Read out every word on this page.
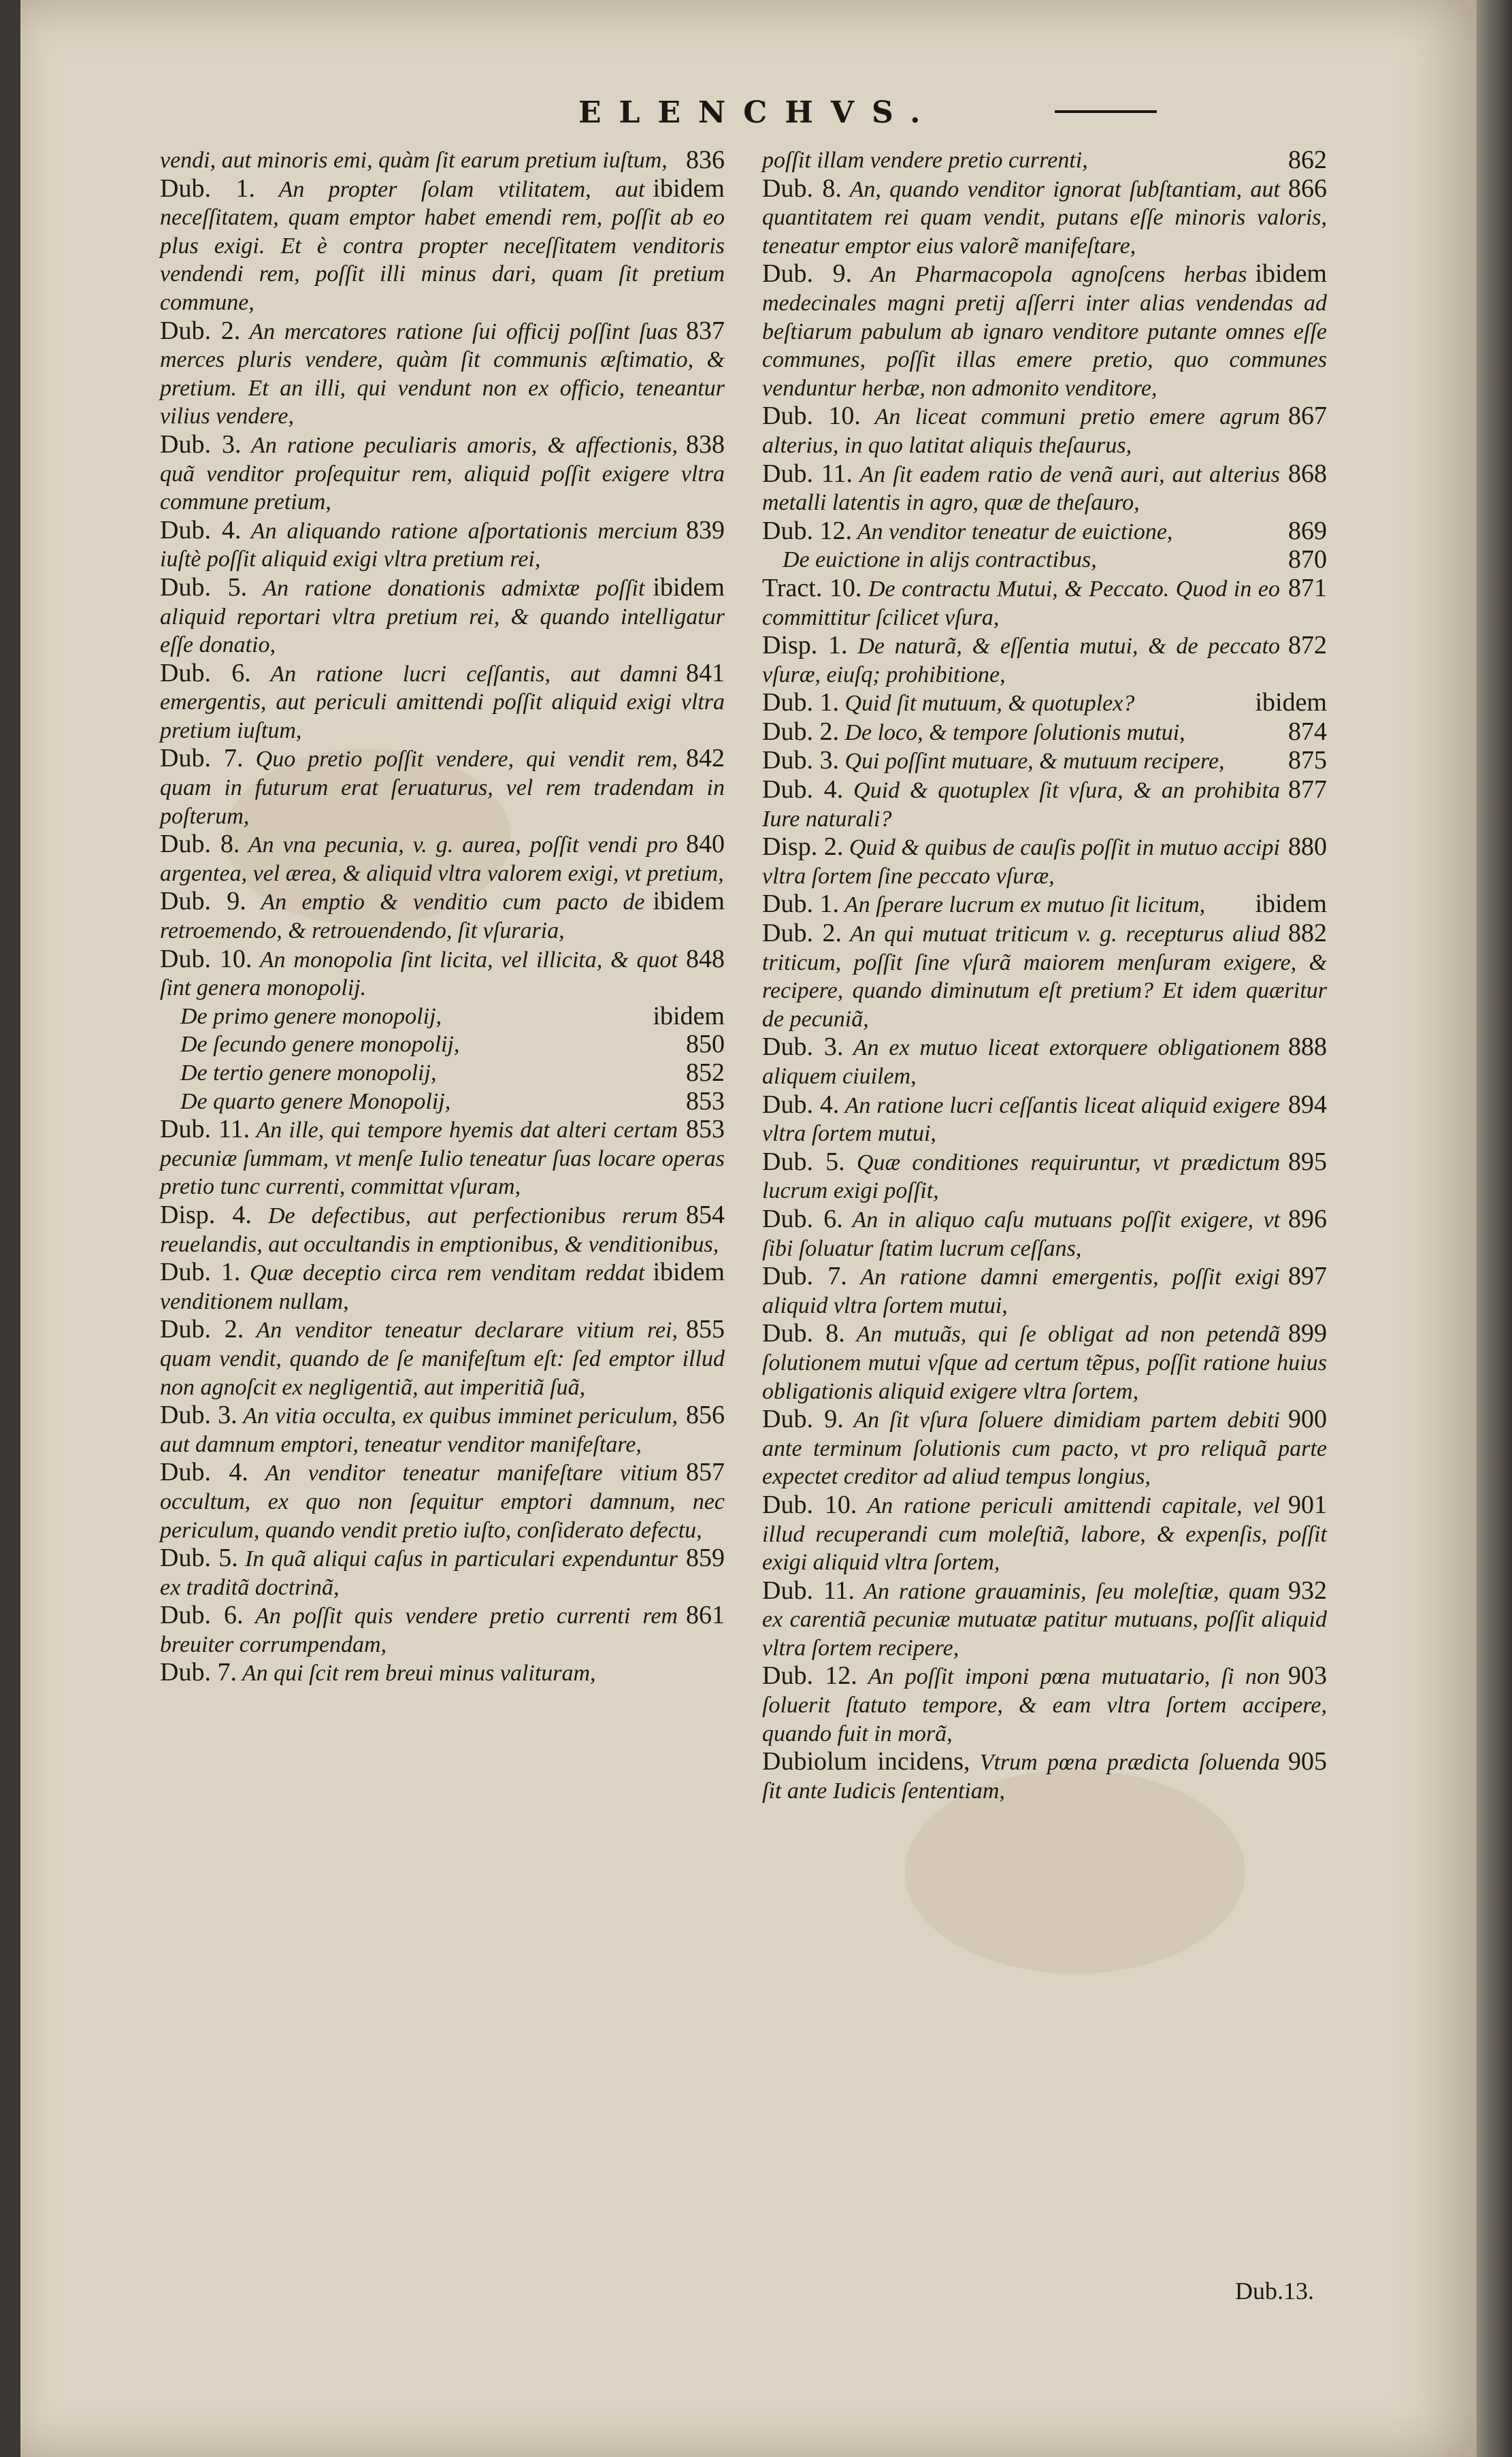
ELENCHVS.

836
vendi, aut minoris emi, quàm ſit earum pretium iuſtum,

ibidem
Dub. 1. An propter ſolam vtilitatem, aut neceſſitatem, quam emptor habet emendi rem, poſſit ab eo plus exigi. Et è contra propter neceſſitatem venditoris vendendi rem, poſſit illi minus dari, quam ſit pretium commune,

837
Dub. 2. An mercatores ratione ſui officij poſſint ſuas merces pluris vendere, quàm ſit communis æſtimatio, & pretium. Et an illi, qui vendunt non ex officio, teneantur vilius vendere,

838
Dub. 3. An ratione peculiaris amoris, & affectionis, quã venditor proſequitur rem, aliquid poſſit exigere vltra commune pretium,

839
Dub. 4. An aliquando ratione aſportationis mercium iuſtè poſſit aliquid exigi vltra pretium rei,

ibidem
Dub. 5. An ratione donationis admixtæ poſſit aliquid reportari vltra pretium rei, & quando intelligatur eſſe donatio,

841
Dub. 6. An ratione lucri ceſſantis, aut damni emergentis, aut periculi amittendi poſſit aliquid exigi vltra pretium iuſtum,

842
Dub. 7. Quo pretio poſſit vendere, qui vendit rem, quam in futurum erat ſeruaturus, vel rem tradendam in poſterum,

840
Dub. 8. An vna pecunia, v. g. aurea, poſſit vendi pro argentea, vel ærea, & aliquid vltra valorem exigi, vt pretium,

ibidem
Dub. 9. An emptio & venditio cum pacto de retroemendo, & retrouendendo, ſit vſuraria,

848
Dub. 10. An monopolia ſint licita, vel illicita, & quot ſint genera monopolij.

ibidem
De primo genere monopolij,

850
De ſecundo genere monopolij,

852
De tertio genere monopolij,

853
De quarto genere Monopolij,

853
Dub. 11. An ille, qui tempore hyemis dat alteri certam pecuniæ ſummam, vt menſe Iulio teneatur ſuas locare operas pretio tunc currenti, committat vſuram,

854
Disp. 4. De defectibus, aut perfectionibus rerum reuelandis, aut occultandis in emptionibus, & venditionibus,

ibidem
Dub. 1. Quæ deceptio circa rem venditam reddat venditionem nullam,

855
Dub. 2. An venditor teneatur declarare vitium rei, quam vendit, quando de ſe manifeſtum eſt: ſed emptor illud non agnoſcit ex negligentiã, aut imperitiã ſuã,

856
Dub. 3. An vitia occulta, ex quibus imminet periculum, aut damnum emptori, teneatur venditor manifeſtare,

857
Dub. 4. An venditor teneatur manifeſtare vitium occultum, ex quo non ſequitur emptori damnum, nec periculum, quando vendit pretio iuſto, conſiderato defectu,

859
Dub. 5. In quã aliqui caſus in particulari expenduntur ex traditã doctrinã,

861
Dub. 6. An poſſit quis vendere pretio currenti rem breuiter corrumpendam,

Dub. 7. An qui ſcit rem breui minus valituram,

862
poſſit illam vendere pretio currenti,

866
Dub. 8. An, quando venditor ignorat ſubſtantiam, aut quantitatem rei quam vendit, putans eſſe minoris valoris, teneatur emptor eius valorẽ manifeſtare,

ibidem
Dub. 9. An Pharmacopola agnoſcens herbas medecinales magni pretij aſſerri inter alias vendendas ad beſtiarum pabulum ab ignaro venditore putante omnes eſſe communes, poſſit illas emere pretio, quo communes venduntur herbæ, non admonito venditore,

867
Dub. 10. An liceat communi pretio emere agrum alterius, in quo latitat aliquis theſaurus,

868
Dub. 11. An ſit eadem ratio de venã auri, aut alterius metalli latentis in agro, quæ de theſauro,

869
Dub. 12. An venditor teneatur de euictione,

870
De euictione in alijs contractibus,

871
Tract. 10. De contractu Mutui, & Peccato. Quod in eo committitur ſcilicet vſura,

872
Disp. 1. De naturã, & eſſentia mutui, & de peccato vſuræ, eiuſq; prohibitione,

ibidem
Dub. 1. Quid ſit mutuum, & quotuplex?

874
Dub. 2. De loco, & tempore ſolutionis mutui,

875
Dub. 3. Qui poſſint mutuare, & mutuum recipere,

877
Dub. 4. Quid & quotuplex ſit vſura, & an prohibita Iure naturali?

880
Disp. 2. Quid & quibus de cauſis poſſit in mutuo accipi vltra ſortem ſine peccato vſuræ,

ibidem
Dub. 1. An ſperare lucrum ex mutuo ſit licitum,

882
Dub. 2. An qui mutuat triticum v. g. recepturus aliud triticum, poſſit ſine vſurã maiorem menſuram exigere, & recipere, quando diminutum eſt pretium? Et idem quæritur de pecuniã,

888
Dub. 3. An ex mutuo liceat extorquere obligationem aliquem ciuilem,

894
Dub. 4. An ratione lucri ceſſantis liceat aliquid exigere vltra ſortem mutui,

895
Dub. 5. Quæ conditiones requiruntur, vt prædictum lucrum exigi poſſit,

896
Dub. 6. An in aliquo caſu mutuans poſſit exigere, vt ſibi ſoluatur ſtatim lucrum ceſſans,

897
Dub. 7. An ratione damni emergentis, poſſit exigi aliquid vltra ſortem mutui,

899
Dub. 8. An mutuãs, qui ſe obligat ad non petendã ſolutionem mutui vſque ad certum tẽpus, poſſit ratione huius obligationis aliquid exigere vltra ſortem,

900
Dub. 9. An ſit vſura ſoluere dimidiam partem debiti ante terminum ſolutionis cum pacto, vt pro reliquã parte expectet creditor ad aliud tempus longius,

901
Dub. 10. An ratione periculi amittendi capitale, vel illud recuperandi cum moleſtiã, labore, & expenſis, poſſit exigi aliquid vltra ſortem,

932
Dub. 11. An ratione grauaminis, ſeu moleſtiæ, quam ex carentiã pecuniæ mutuatæ patitur mutuans, poſſit aliquid vltra ſortem recipere,

903
Dub. 12. An poſſit imponi pœna mutuatario, ſi non ſoluerit ſtatuto tempore, & eam vltra ſortem accipere, quando fuit in morã,

905
Dubiolum incidens, Vtrum pœna prædicta ſoluenda ſit ante Iudicis ſententiam,

Dub.13.
